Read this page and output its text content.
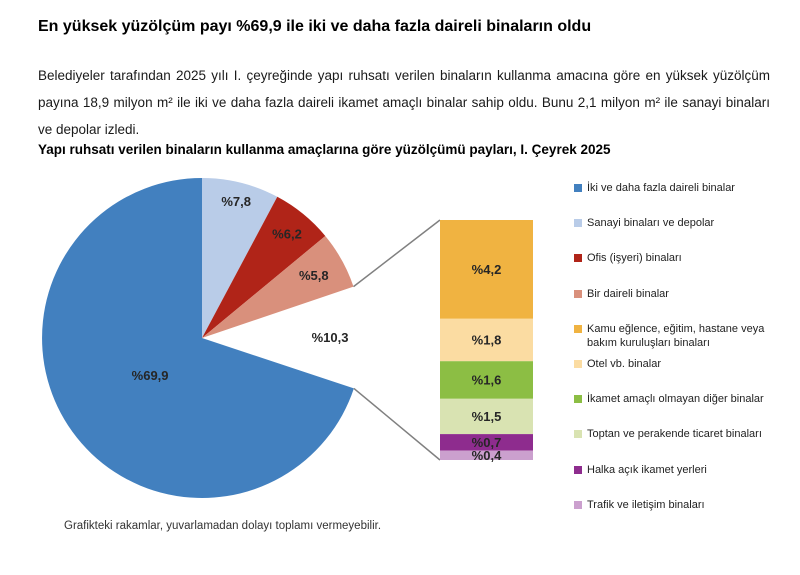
En yüksek yüzölçüm payı %69,9 ile iki ve daha fazla daireli binaların oldu

Belediyeler tarafından 2025 yılı I. çeyreğinde yapı ruhsatı verilen binaların kullanma amacına göre en yüksek yüzölçüm payına 18,9 milyon m² ile iki ve daha fazla daireli ikamet amaçlı binalar sahip oldu. Bunu 2,1 milyon m² ile sanayi binaları ve depolar izledi.

Yapı ruhsatı verilen binaların kullanma amaçlarına göre yüzölçümü payları, I. Çeyrek 2025
%7,8
%6,2
%5,8
%10,3
%69,9
%4,2
%1,8
%1,6
%1,5
%0,7
%0,4
İki ve daha fazla daireli binalar
Sanayi binaları ve depolar
Ofis (işyeri) binaları
Bir daireli binalar
Kamu eğlence, eğitim, hastane veya bakım kuruluşları binaları
Otel vb. binalar
İkamet amaçlı olmayan diğer binalar
Toptan ve perakende ticaret binaları
Halka açık ikamet yerleri
Trafik ve iletişim binaları

Grafikteki rakamlar, yuvarlamadan dolayı toplamı vermeyebilir.
